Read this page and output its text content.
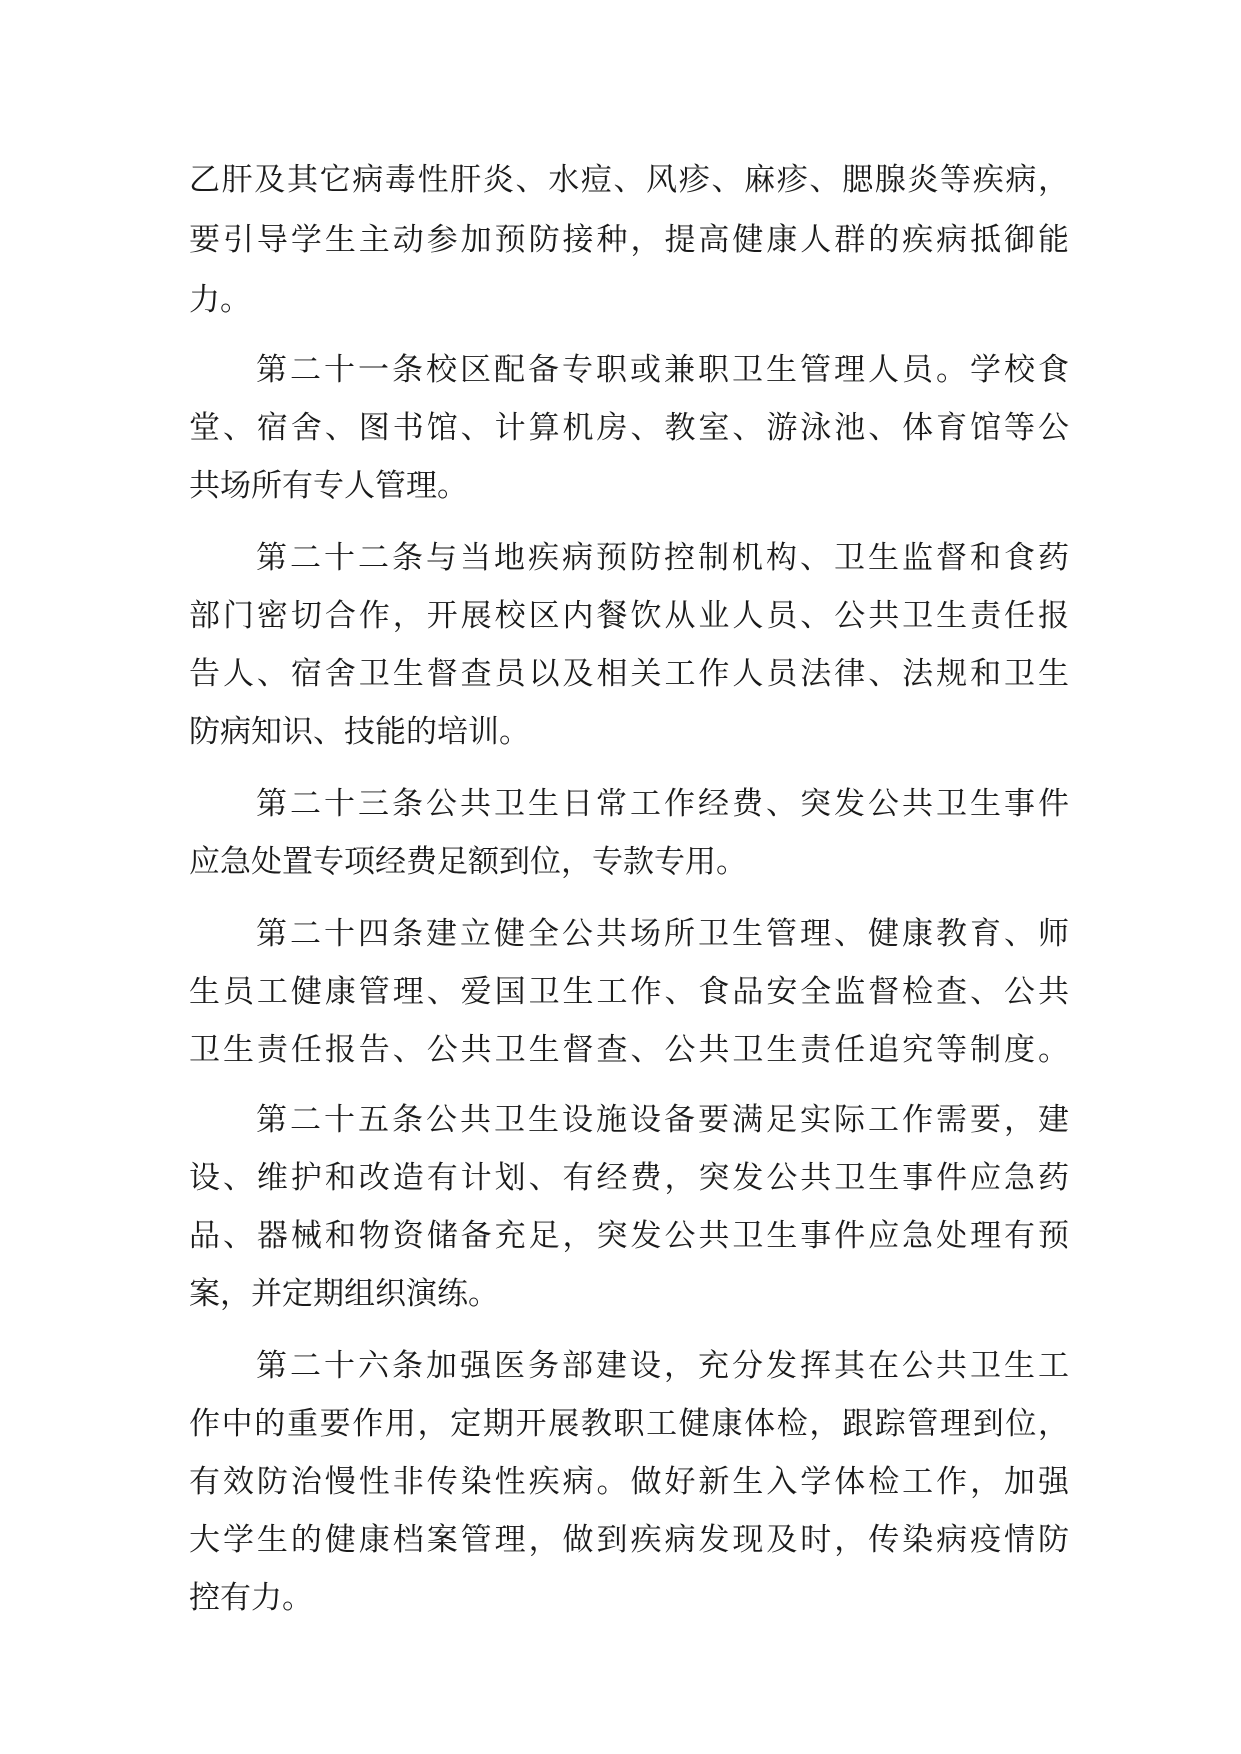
乙肝及其它病毒性肝炎、水痘、风疹、麻疹、腮腺炎等疾病，
要引导学生主动参加预防接种，提高健康人群的疾病抵御能
力。
第二十一条校区配备专职或兼职卫生管理人员。学校食
堂、宿舍、图书馆、计算机房、教室、游泳池、体育馆等公
共场所有专人管理。
第二十二条与当地疾病预防控制机构、卫生监督和食药
部门密切合作，开展校区内餐饮从业人员、公共卫生责任报
告人、宿舍卫生督查员以及相关工作人员法律、法规和卫生
防病知识、技能的培训。
第二十三条公共卫生日常工作经费、突发公共卫生事件
应急处置专项经费足额到位，专款专用。
第二十四条建立健全公共场所卫生管理、健康教育、师
生员工健康管理、爱国卫生工作、食品安全监督检查、公共
卫生责任报告、公共卫生督查、公共卫生责任追究等制度。
第二十五条公共卫生设施设备要满足实际工作需要，建
设、维护和改造有计划、有经费，突发公共卫生事件应急药
品、器械和物资储备充足，突发公共卫生事件应急处理有预
案，并定期组织演练。
第二十六条加强医务部建设，充分发挥其在公共卫生工
作中的重要作用，定期开展教职工健康体检，跟踪管理到位，
有效防治慢性非传染性疾病。做好新生入学体检工作，加强
大学生的健康档案管理，做到疾病发现及时，传染病疫情防
控有力。
